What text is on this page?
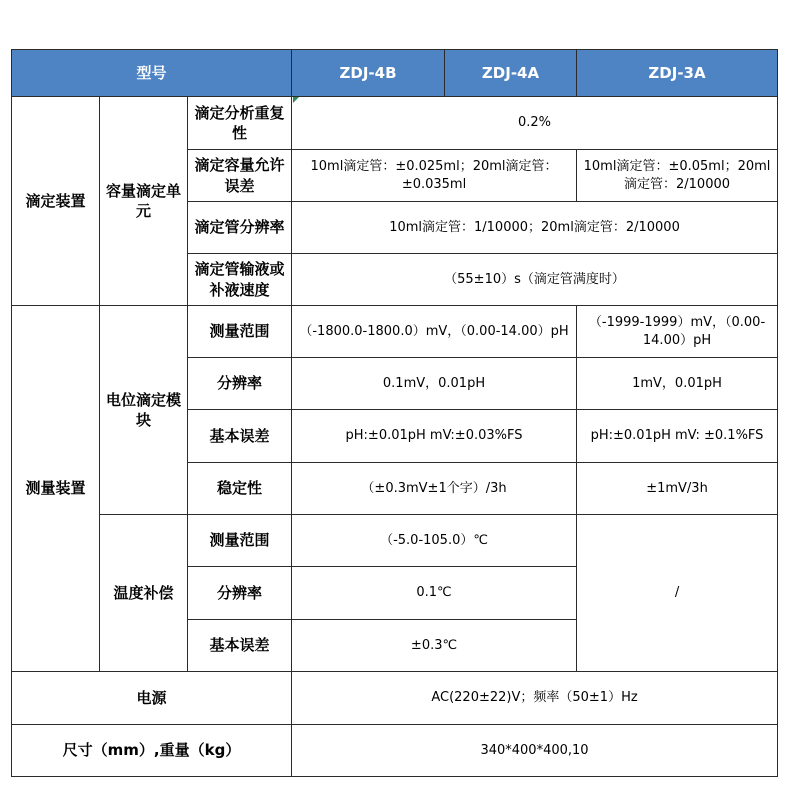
型号			ZDJ-4B	ZDJ-4A	ZDJ-3A
滴定装置	容量滴定单元	滴定分析重复性	0.2%		
		滴定容量允许误差	10ml滴定管：±0.025ml；20ml滴定管：±0.035ml		10ml滴定管：±0.05ml；20ml滴定管：2/10000
		滴定管分辨率	10ml滴定管：1/10000；20ml滴定管：2/10000		
		滴定管输液或补液速度	（55±10）s（滴定管满度时）		
测量装置	电位滴定模块	测量范围	（-1800.0-1800.0）mV，（0.00-14.00）pH		（-1999-1999）mV，（0.00-14.00）pH
		分辨率	0.1mV，0.01pH		1mV，0.01pH
		基本误差	pH:±0.01pH mV:±0.03%FS		pH:±0.01pH mV: ±0.1%FS
		稳定性	（±0.3mV±1个字）/3h		±1mV/3h
	温度补偿	测量范围	（-5.0-105.0）℃		/
		分辨率	0.1℃		
		基本误差	±0.3℃		
电源			AC(220±22)V；频率（50±1）Hz		
尺寸（mm）,重量（kg）			340*400*400,10		
